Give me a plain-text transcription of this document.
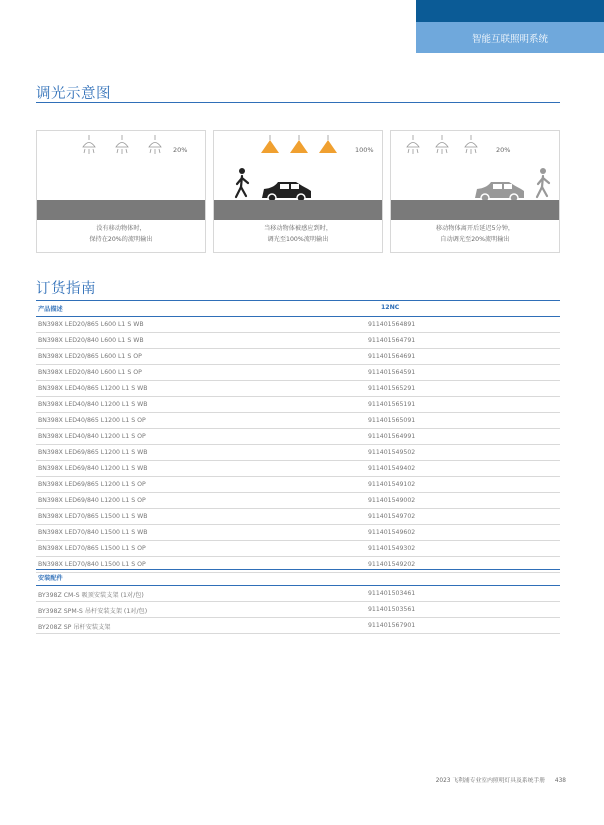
智能互联照明系统
调光示意图
20%
没有移动物体时，
保持在20%的流明输出
100%
当移动物体被感应到时，
调光至100%流明输出
20%
移动物体离开后延迟5分钟，
自动调光至20%流明输出
订货指南
产品描述	12NC
BN398X LED20/865 L600 L1 S WB	911401564891
BN398X LED20/840 L600 L1 S WB	911401564791
BN398X LED20/865 L600 L1 S OP	911401564691
BN398X LED20/840 L600 L1 S OP	911401564591
BN398X LED40/865 L1200 L1 S WB	911401565291
BN398X LED40/840 L1200 L1 S WB	911401565191
BN398X LED40/865 L1200 L1 S OP	911401565091
BN398X LED40/840 L1200 L1 S OP	911401564991
BN398X LED69/865 L1200 L1 S WB	911401549502
BN398X LED69/840 L1200 L1 S WB	911401549402
BN398X LED69/865 L1200 L1 S OP	911401549102
BN398X LED69/840 L1200 L1 S OP	911401549002
BN398X LED70/865 L1500 L1 S WB	911401549702
BN398X LED70/840 L1500 L1 S WB	911401549602
BN398X LED70/865 L1500 L1 S OP	911401549302
BN398X LED70/840 L1500 L1 S OP	911401549202
安装配件
BY398Z CM-S 吸顶安装支架 (1对/包)	911401503461
BY398Z SPM-S 吊杆安装支架 (1对/包)	911401503561
BY208Z SP 吊杆安装支架	911401567901
2023 飞利浦专业室内照明灯具及系统手册 438
